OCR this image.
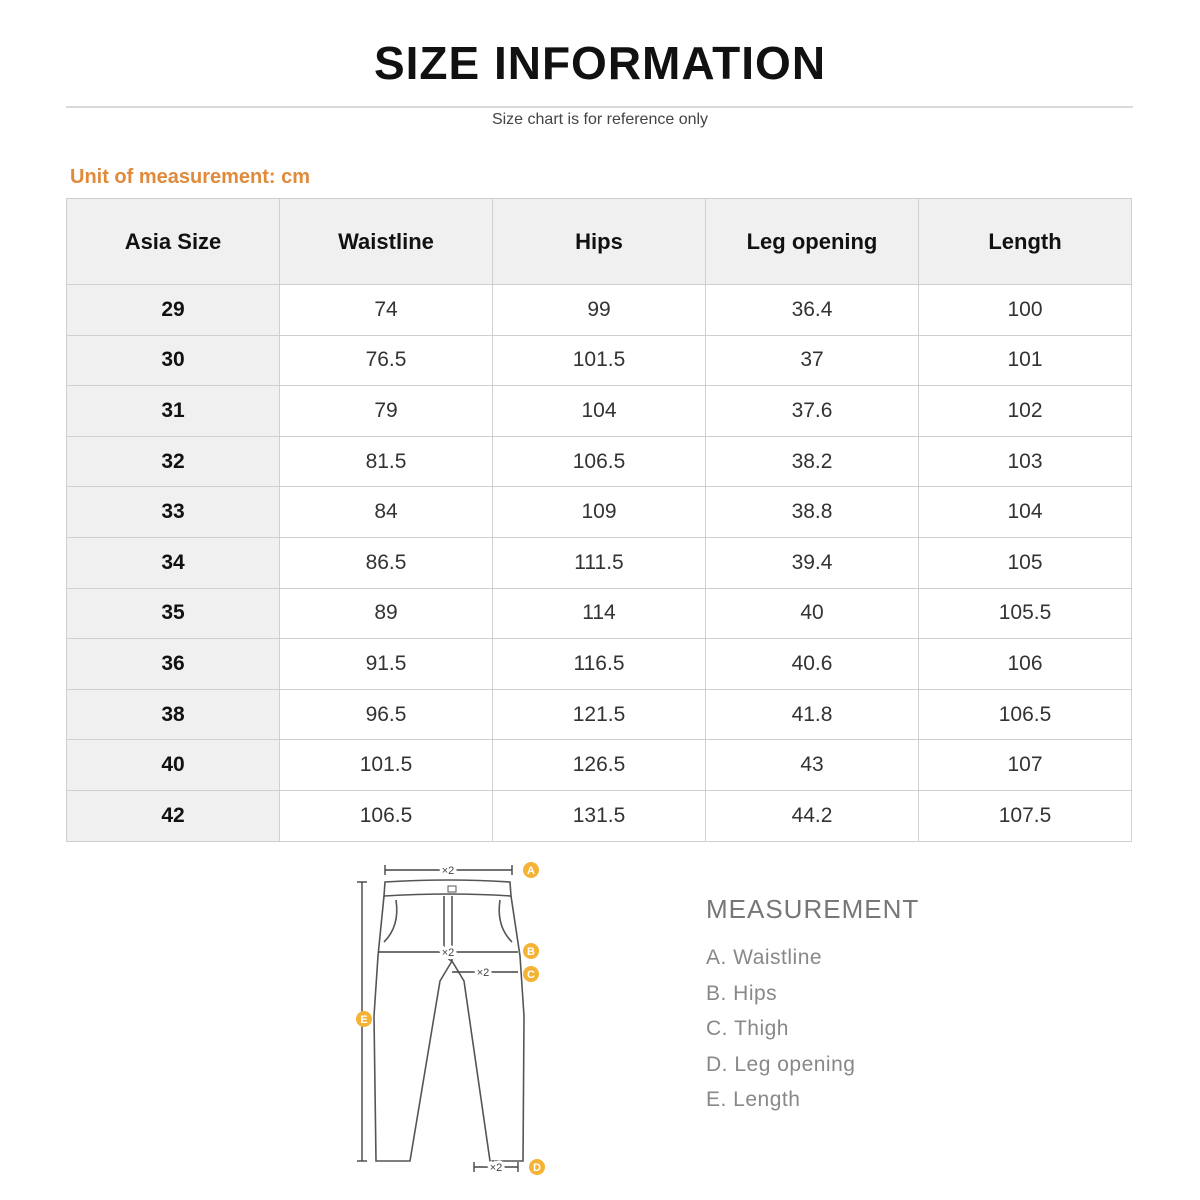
SIZE INFORMATION
Size chart is for reference only
Unit of measurement: cm
Asia Size	Waistline	Hips	Leg opening	Length
29	74	99	36.4	100
30	76.5	101.5	37	101
31	79	104	37.6	102
32	81.5	106.5	38.2	103
33	84	109	38.8	104
34	86.5	111.5	39.4	105
35	89	114	40	105.5
36	91.5	116.5	40.6	106
38	96.5	121.5	41.8	106.5
40	101.5	126.5	43	107
42	106.5	131.5	44.2	107.5
×2
×2
×2
×2
A
B
C
D
E
MEASUREMENT
A. Waistline
B. Hips
C. Thigh
D. Leg opening
E. Length
